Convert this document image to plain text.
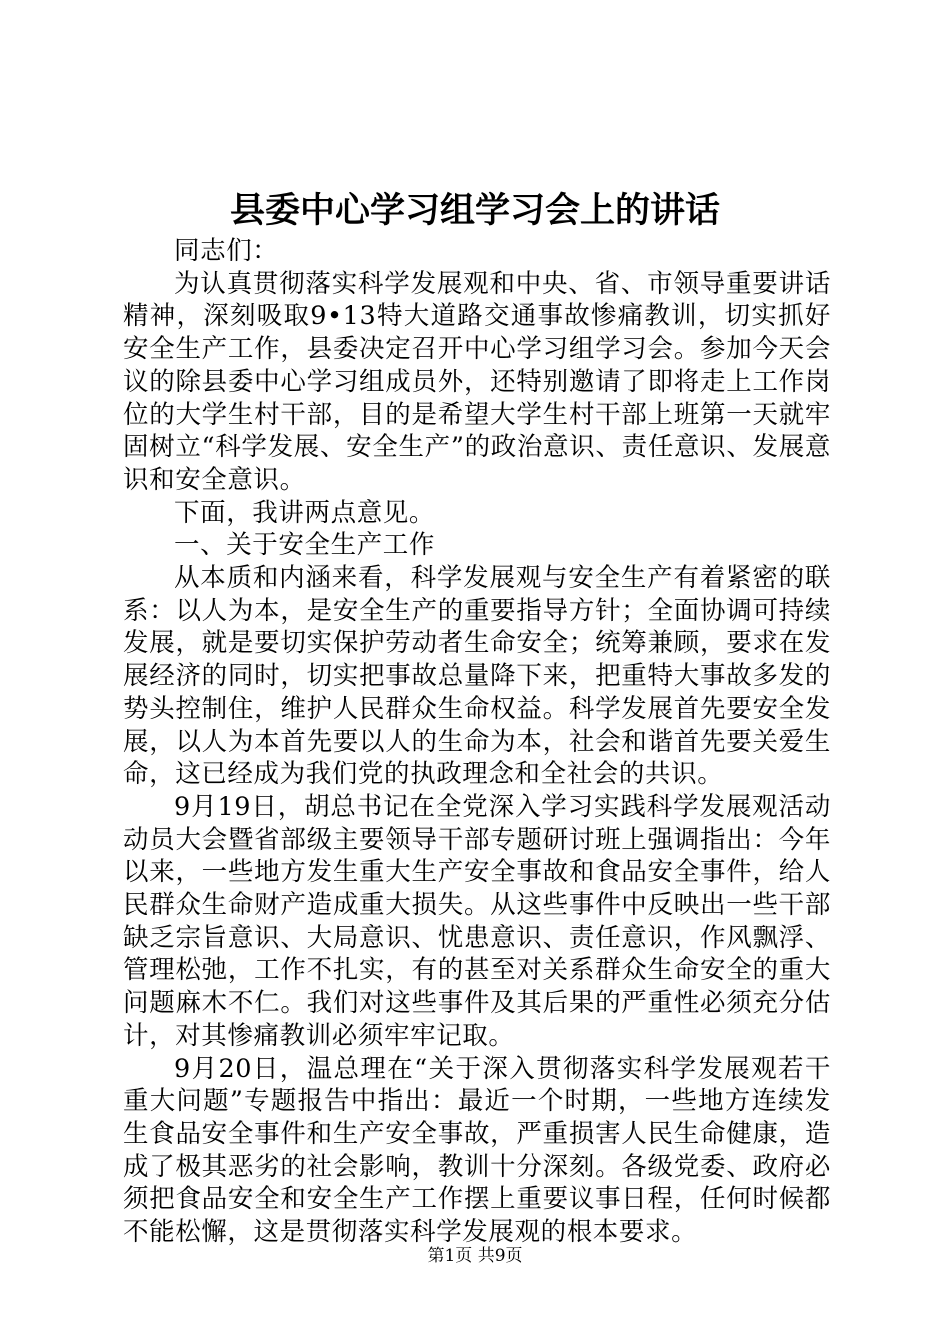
县委中心学习组学习会上的讲话

同志们：

为认真贯彻落实科学发展观和中央、省、市领导重要讲话精神，深刻吸取9•13特大道路交通事故惨痛教训，切实抓好安全生产工作，县委决定召开中心学习组学习会。参加今天会议的除县委中心学习组成员外，还特别邀请了即将走上工作岗位的大学生村干部，目的是希望大学生村干部上班第一天就牢固树立“科学发展、安全生产”的政治意识、责任意识、发展意识和安全意识。

下面，我讲两点意见。

一、关于安全生产工作

从本质和内涵来看，科学发展观与安全生产有着紧密的联系：以人为本，是安全生产的重要指导方针；全面协调可持续发展，就是要切实保护劳动者生命安全；统筹兼顾，要求在发展经济的同时，切实把事故总量降下来，把重特大事故多发的势头控制住，维护人民群众生命权益。科学发展首先要安全发展，以人为本首先要以人的生命为本，社会和谐首先要关爱生命，这已经成为我们党的执政理念和全社会的共识。

9月19日，胡总书记在全党深入学习实践科学发展观活动动员大会暨省部级主要领导干部专题研讨班上强调指出：今年以来，一些地方发生重大生产安全事故和食品安全事件，给人民群众生命财产造成重大损失。从这些事件中反映出一些干部缺乏宗旨意识、大局意识、忧患意识、责任意识，作风飘浮、管理松弛，工作不扎实，有的甚至对关系群众生命安全的重大问题麻木不仁。我们对这些事件及其后果的严重性必须充分估计，对其惨痛教训必须牢牢记取。

9月20日，温总理在“关于深入贯彻落实科学发展观若干重大问题”专题报告中指出：最近一个时期，一些地方连续发生食品安全事件和生产安全事故，严重损害人民生命健康，造成了极其恶劣的社会影响，教训十分深刻。各级党委、政府必须把食品安全和安全生产工作摆上重要议事日程，任何时候都不能松懈，这是贯彻落实科学发展观的根本要求。

第1页 共9页
